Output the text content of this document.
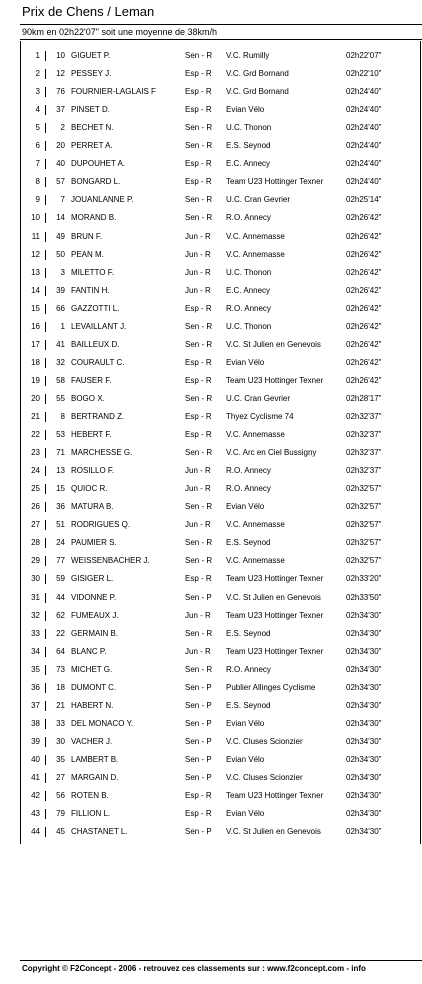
Prix de Chens / Leman
90km en 02h22'07" soit une moyenne de 38km/h
1	10 GIGUET P.	Sen - R V.C. Rumilly	02h22'07"
2	12 PESSEY J.	Esp - R V.C. Grd Bornand	02h22'10"
3	76 FOURNIER-LAGLAIS F	Esp - R V.C. Grd Bornand	02h24'40"
4	37 PINSET D.	Esp - R Evian Vélo	02h24'40"
5	2 BECHET N.	Sen - R U.C. Thonon	02h24'40"
6	20 PERRET A.	Sen - R E.S. Seynod	02h24'40"
7	40 DUPOUHET A.	Esp - R E.C. Annecy	02h24'40"
8	57 BONGARD L.	Esp - R Team U23 Hottinger Texner	02h24'40"
9	7 JOUANLANNE P.	Sen - R U.C. Cran Gevrier	02h25'14"
10	14 MORAND B.	Sen - R R.O. Annecy	02h26'42"
11	49 BRUN F.	Jun - R V.C. Annemasse	02h26'42"
12	50 PEAN M.	Jun - R V.C. Annemasse	02h26'42"
13	3 MILETTO F.	Jun - R U.C. Thonon	02h26'42"
14	39 FANTIN H.	Jun - R E.C. Annecy	02h26'42"
15	66 GAZZOTTI L.	Esp - R R.O. Annecy	02h26'42"
16	1 LEVAILLANT J.	Sen - R U.C. Thonon	02h26'42"
17	41 BAILLEUX D.	Sen - R V.C. St Julien en Genevois	02h26'42"
18	32 COURAULT C.	Esp - R Evian Vélo	02h26'42"
19	58 FAUSER F.	Esp - R Team U23 Hottinger Texner	02h26'42"
20	55 BOGO X.	Sen - R U.C. Cran Gevrier	02h28'17"
21	8 BERTRAND Z.	Esp - R Thyez Cyclisme 74	02h32'37"
22	53 HEBERT F.	Esp - R V.C. Annemasse	02h32'37"
23	71 MARCHESSE G.	Sen - R V.C. Arc en Ciel Bussigny	02h32'37"
24	13 ROSILLO F.	Jun - R R.O. Annecy	02h32'37"
25	15 QUIOC R.	Jun - R R.O. Annecy	02h32'57"
26	36 MATURA B.	Sen - R Evian Vélo	02h32'57"
27	51 RODRIGUES Q.	Jun - R V.C. Annemasse	02h32'57"
28	24 PAUMIER S.	Sen - R E.S. Seynod	02h32'57"
29	77 WEISSENBACHER J.	Sen - R V.C. Annemasse	02h32'57"
30	59 GISIGER L.	Esp - R Team U23 Hottinger Texner	02h33'20"
31	44 VIDONNE P.	Sen - P V.C. St Julien en Genevois	02h33'50"
32	62 FUMEAUX J.	Jun - R Team U23 Hottinger Texner	02h34'30"
33	22 GERMAIN B.	Sen - R E.S. Seynod	02h34'30"
34	64 BLANC P.	Jun - R Team U23 Hottinger Texner	02h34'30"
35	73 MICHET G.	Sen - R R.O. Annecy	02h34'30"
36	18 DUMONT C.	Sen - P Publier Allinges Cyclisme	02h34'30"
37	21 HABERT N.	Sen - P E.S. Seynod	02h34'30"
38	33 DEL MONACO Y.	Sen - P Evian Vélo	02h34'30"
39	30 VACHER J.	Sen - P V.C. Cluses Scionzier	02h34'30"
40	35 LAMBERT B.	Sen - P Evian Vélo	02h34'30"
41	27 MARGAIN D.	Sen - P V.C. Cluses Scionzier	02h34'30"
42	56 ROTEN B.	Esp - R Team U23 Hottinger Texner	02h34'30"
43	79 FILLION L.	Esp - R Evian Vélo	02h34'30"
44	45 CHASTANET L.	Sen - P V.C. St Julien en Genevois	02h34'30"
Copyright © F2Concept - 2006 - retrouvez ces classements sur : www.f2concept.com - info
